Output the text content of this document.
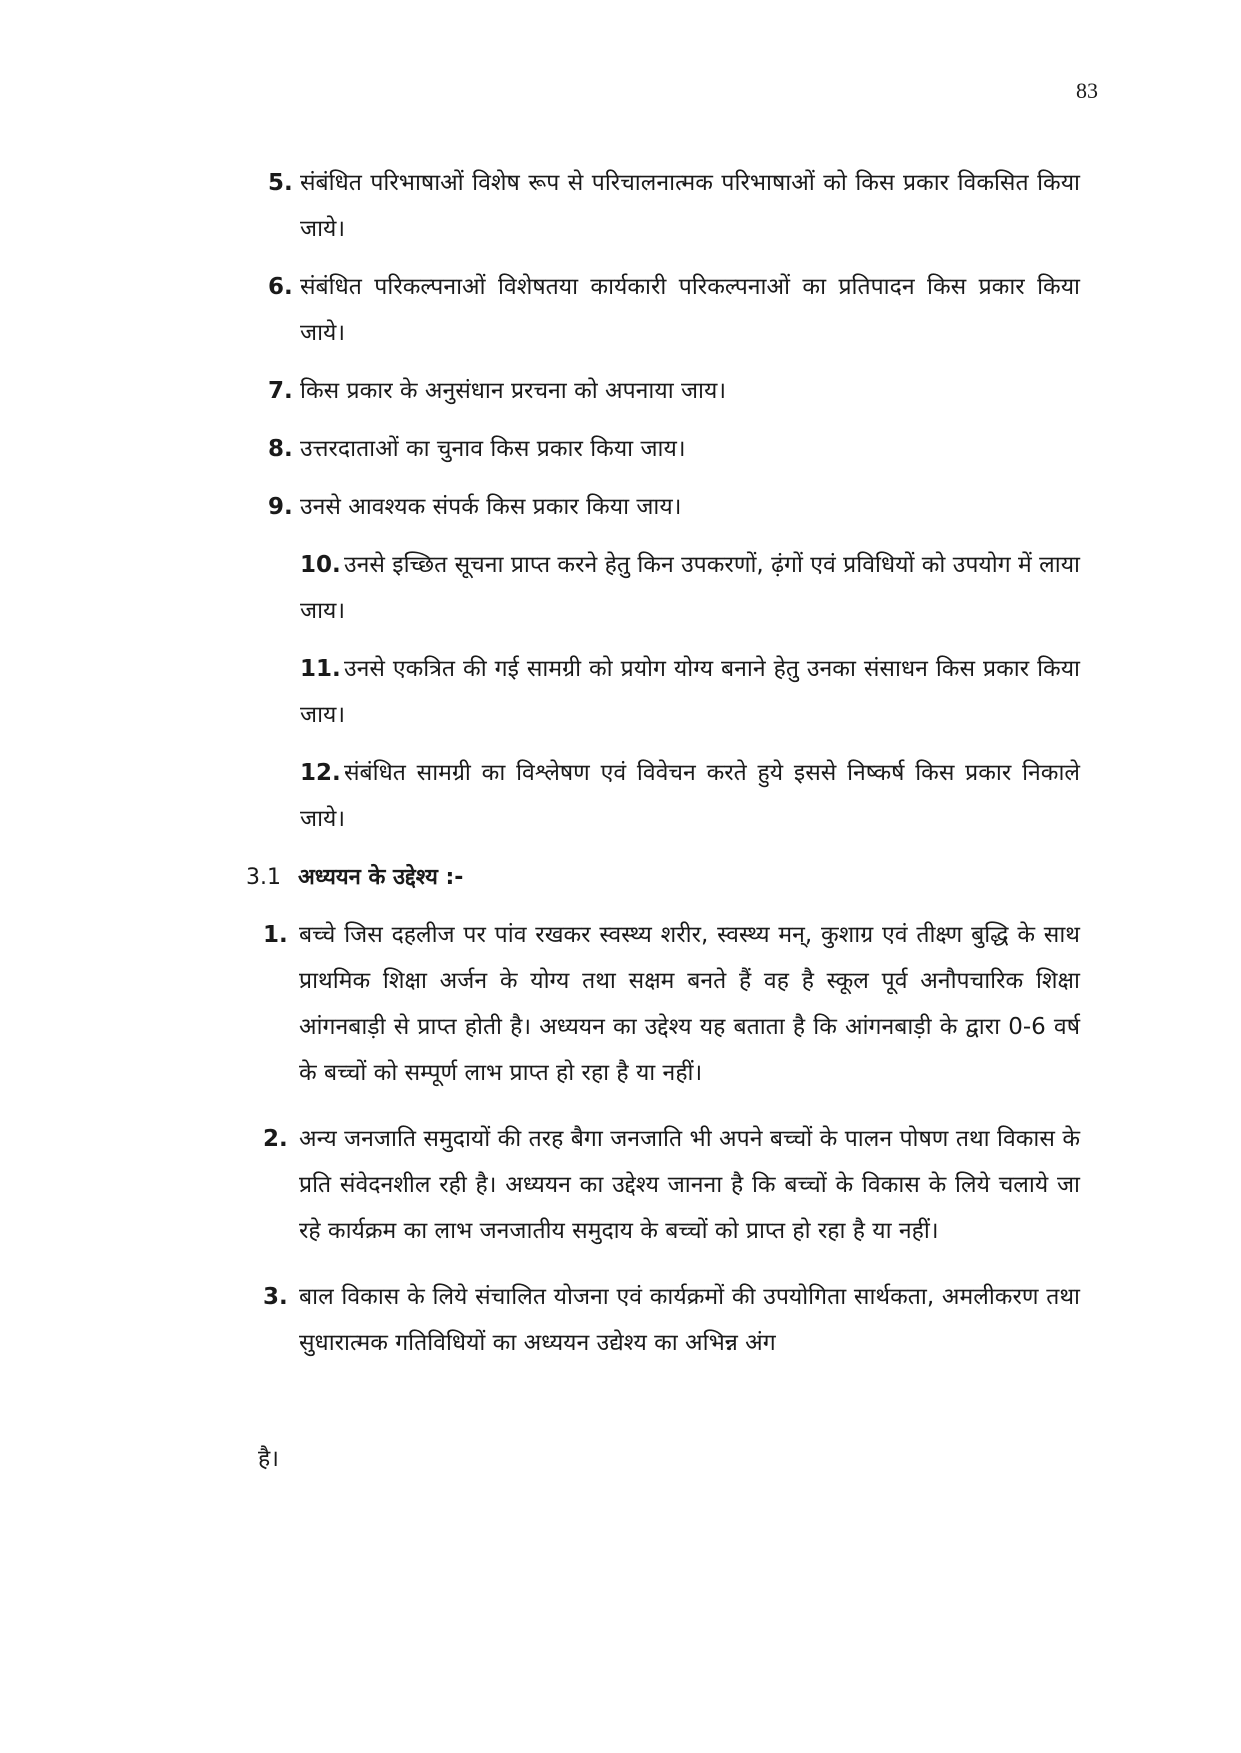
83
5. संबंधित परिभाषाओं विशेष रूप से परिचालनात्मक परिभाषाओं को किस प्रकार विकसित किया जाये।
6. संबंधित परिकल्पनाओं विशेषतया कार्यकारी परिकल्पनाओं का प्रतिपादन किस प्रकार किया जाये।
7. किस प्रकार के अनुसंधान प्ररचना को अपनाया जाय।
8. उत्तरदाताओं का चुनाव किस प्रकार किया जाय।
9. उनसे आवश्यक संपर्क किस प्रकार किया जाय।
10. उनसे इच्छित सूचना प्राप्त करने हेतु किन उपकरणों, ढ़ंगों एवं प्रविधियों को उपयोग में लाया जाय।
11. उनसे एकत्रित की गई सामग्री को प्रयोग योग्य बनाने हेतु उनका संसाधन किस प्रकार किया जाय।
12. संबंधित सामग्री का विश्लेषण एवं विवेचन करते हुये इससे निष्कर्ष किस प्रकार निकाले जाये।
3.1 अध्ययन के उद्देश्य :-
1. बच्चे जिस दहलीज पर पांव रखकर स्वस्थ्य शरीर, स्वस्थ्य मन्, कुशाग्र एवं तीक्ष्ण बुद्धि के साथ प्राथमिक शिक्षा अर्जन के योग्य तथा सक्षम बनते हैं वह है स्कूल पूर्व अनौपचारिक शिक्षा आंगनबाड़ी से प्राप्त होती है। अध्ययन का उद्देश्य यह बताता है कि आंगनबाड़ी के द्वारा 0-6 वर्ष के बच्चों को सम्पूर्ण लाभ प्राप्त हो रहा है या नहीं।
2. अन्य जनजाति समुदायों की तरह बैगा जनजाति भी अपने बच्चों के पालन पोषण तथा विकास के प्रति संवेदनशील रही है। अध्ययन का उद्देश्य जानना है कि बच्चों के विकास के लिये चलाये जा रहे कार्यक्रम का लाभ जनजातीय समुदाय के बच्चों को प्राप्त हो रहा है या नहीं।
3. बाल विकास के लिये संचालित योजना एवं कार्यक्रमों की उपयोगिता सार्थकता, अमलीकरण तथा सुधारात्मक गतिविधियों का अध्ययन उद्येश्य का अभिन्न अंग
है।
